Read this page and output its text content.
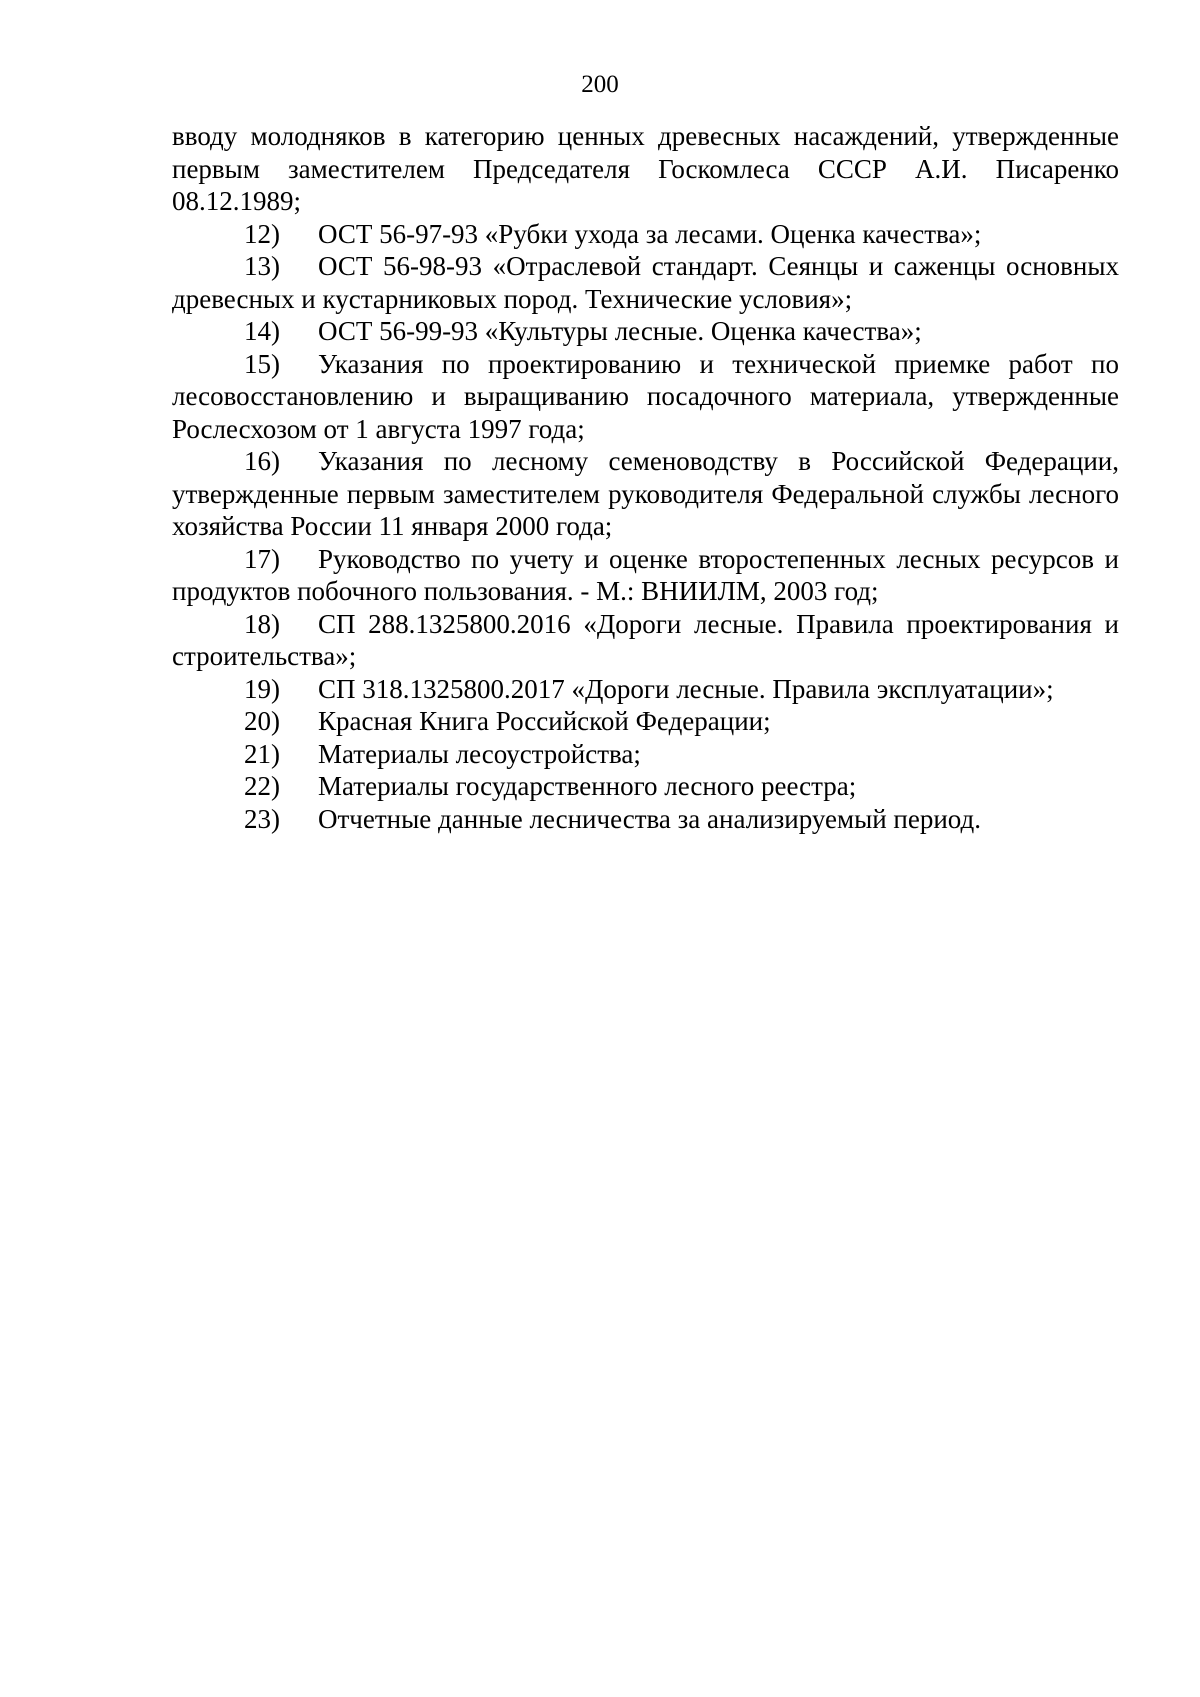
200

вводу молодняков в категорию ценных древесных насаждений, утвержденные первым заместителем Председателя Госкомлеса СССР А.И. Писаренко 08.12.1989;

12) ОСТ 56-97-93 «Рубки ухода за лесами. Оценка качества»;

13) ОСТ 56-98-93 «Отраслевой стандарт. Сеянцы и саженцы основных древесных и кустарниковых пород. Технические условия»;

14) ОСТ 56-99-93 «Культуры лесные. Оценка качества»;

15) Указания по проектированию и технической приемке работ по лесовосстановлению и выращиванию посадочного материала, утвержденные Рослесхозом от 1 августа 1997 года;

16) Указания по лесному семеноводству в Российской Федерации, утвержденные первым заместителем руководителя Федеральной службы лесного хозяйства России 11 января 2000 года;

17) Руководство по учету и оценке второстепенных лесных ресурсов и продуктов побочного пользования. - М.: ВНИИЛМ, 2003 год;

18) СП 288.1325800.2016 «Дороги лесные. Правила проектирования и строительства»;

19) СП 318.1325800.2017 «Дороги лесные. Правила эксплуатации»;

20) Красная Книга Российской Федерации;

21) Материалы лесоустройства;

22) Материалы государственного лесного реестра;

23) Отчетные данные лесничества за анализируемый период.
